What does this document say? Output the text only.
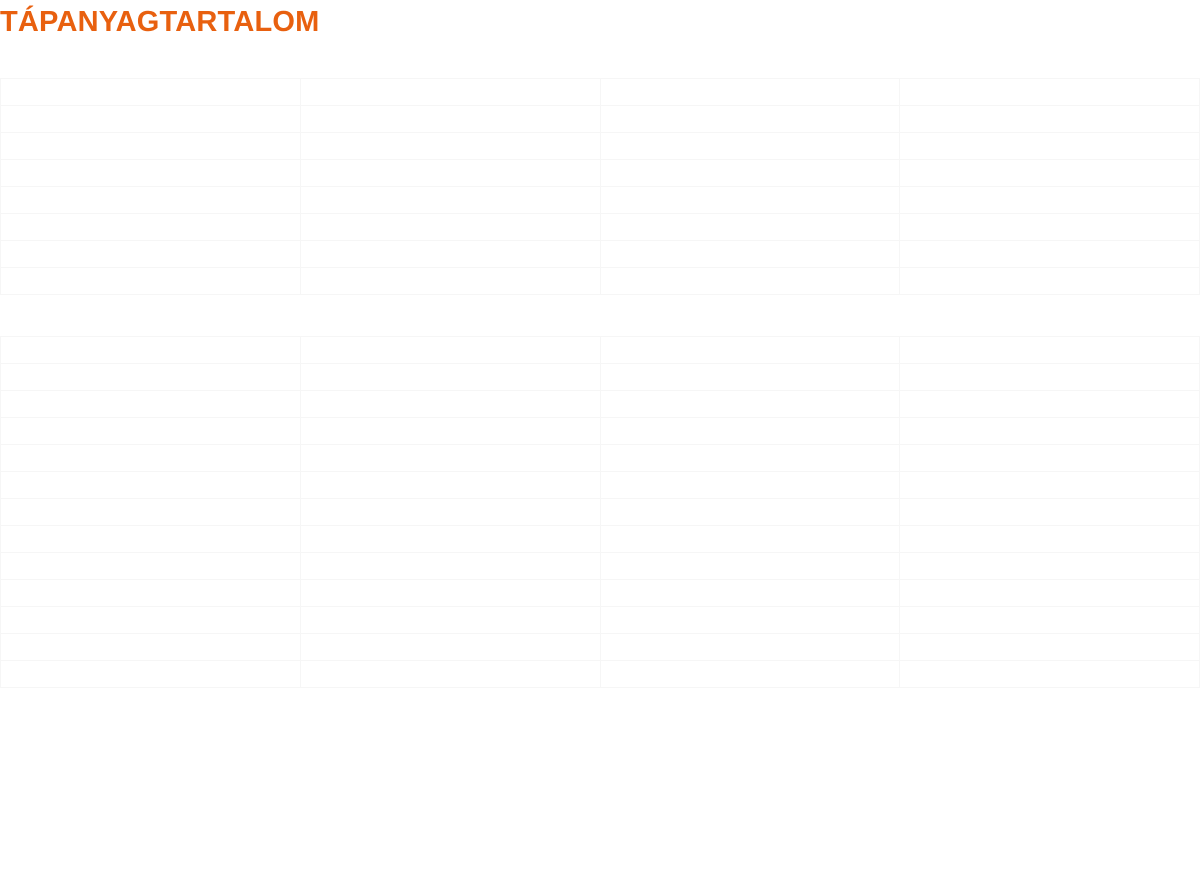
TÁPANYAGTARTALOM
